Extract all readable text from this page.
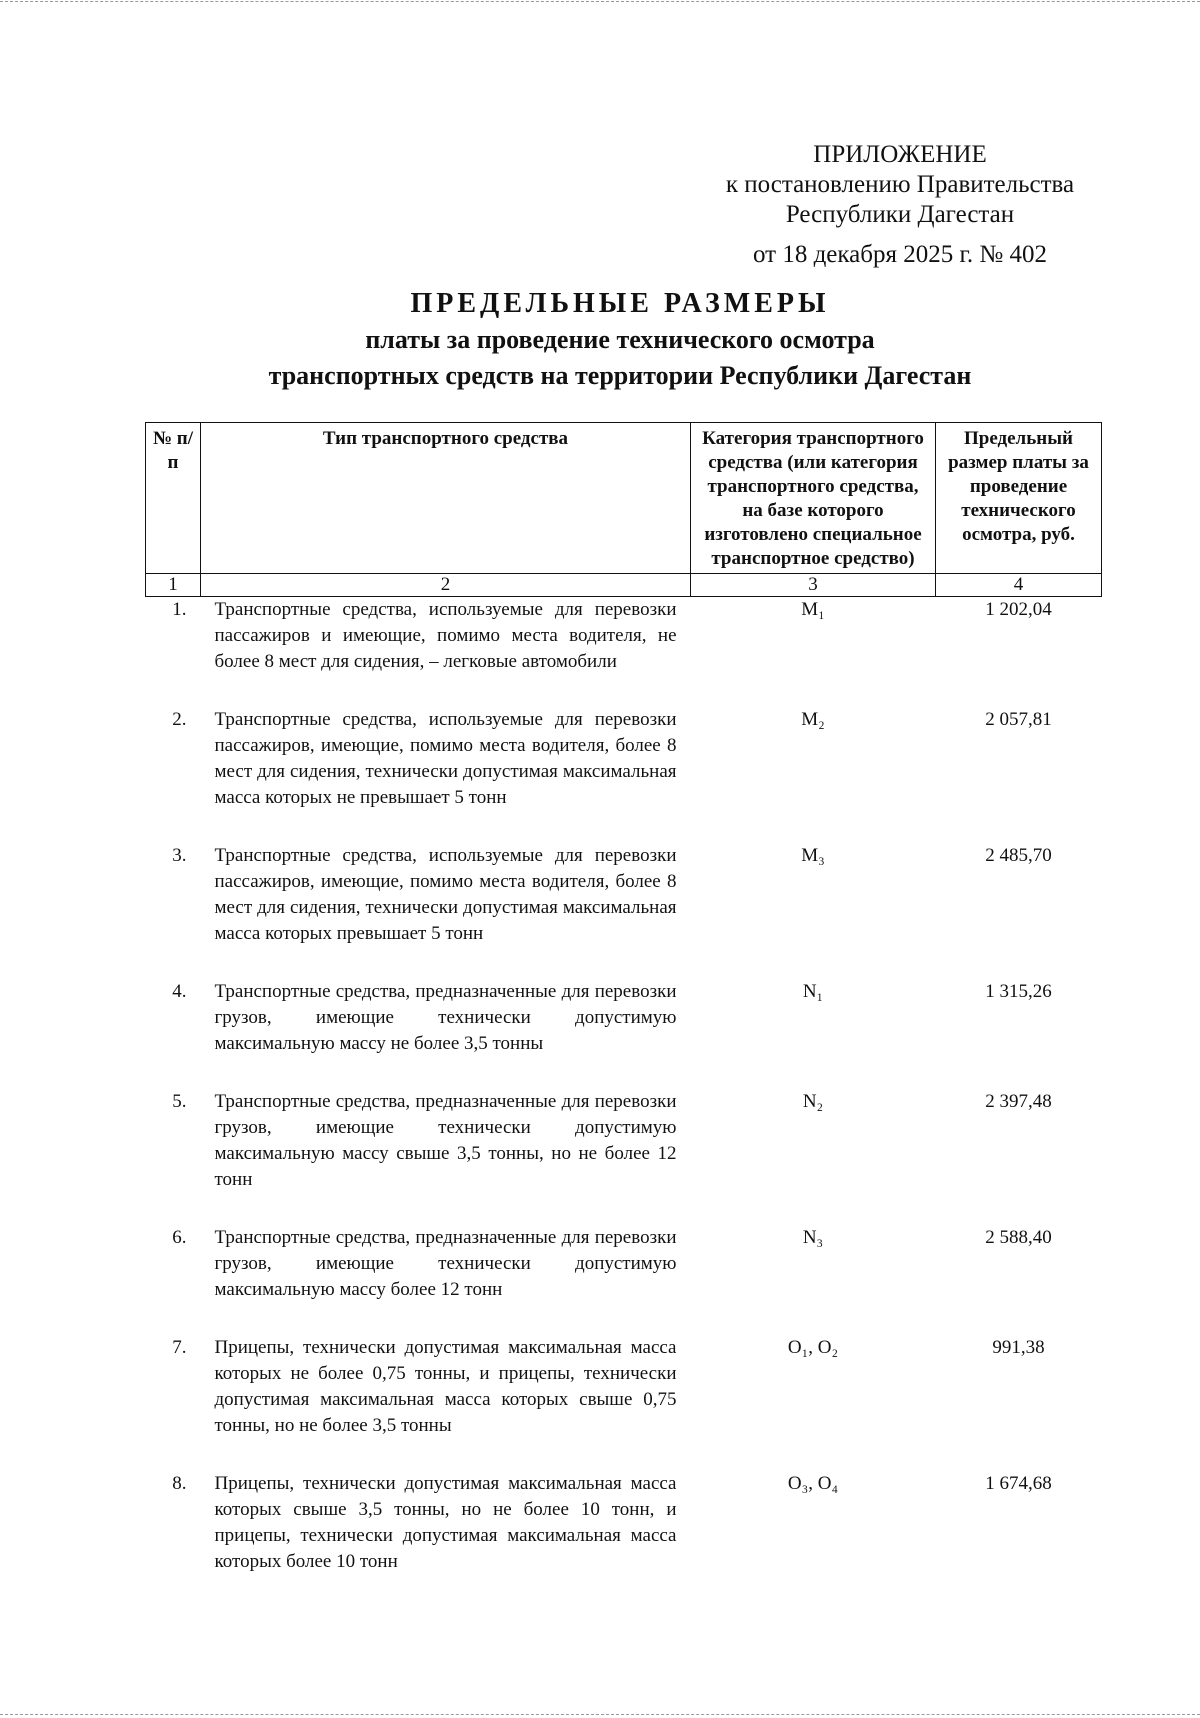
ПРИЛОЖЕНИЕ
к постановлению Правительства
Республики Дагестан
от 18 декабря 2025 г. № 402
ПРЕДЕЛЬНЫЕ РАЗМЕРЫ
платы за проведение технического осмотра
транспортных средств на территории Республики Дагестан
№ п/п	Тип транспортного средства	Категория транспортного средства (или категория транспортного средства, на базе которого изготовлено специальное транспортное средство)	Предельный размер платы за проведение технического осмотра, руб.
1	2	3	4
1.	Транспортные средства, используемые для перевозки пассажиров и имеющие, помимо места водителя, не более 8 мест для сидения, – легковые автомобили	M₁	1 202,04
2.	Транспортные средства, используемые для перевозки пассажиров, имеющие, помимо места водителя, более 8 мест для сидения, технически допустимая максимальная масса которых не превышает 5 тонн	M₂	2 057,81
3.	Транспортные средства, используемые для перевозки пассажиров, имеющие, помимо места водителя, более 8 мест для сидения, технически допустимая максимальная масса которых превышает 5 тонн	M₃	2 485,70
4.	Транспортные средства, предназначенные для перевозки грузов, имеющие технически допустимую максимальную массу не более 3,5 тонны	N₁	1 315,26
5.	Транспортные средства, предназначенные для перевозки грузов, имеющие технически допустимую максимальную массу свыше 3,5 тонны, но не более 12 тонн	N₂	2 397,48
6.	Транспортные средства, предназначенные для перевозки грузов, имеющие технически допустимую максимальную массу более 12 тонн	N₃	2 588,40
7.	Прицепы, технически допустимая максимальная масса которых не более 0,75 тонны, и прицепы, технически допустимая максимальная масса которых свыше 0,75 тонны, но не более 3,5 тонны	O₁, O₂	991,38
8.	Прицепы, технически допустимая максимальная масса которых свыше 3,5 тонны, но не более 10 тонн, и прицепы, технически допустимая максимальная масса которых более 10 тонн	O₃, O₄	1 674,68
